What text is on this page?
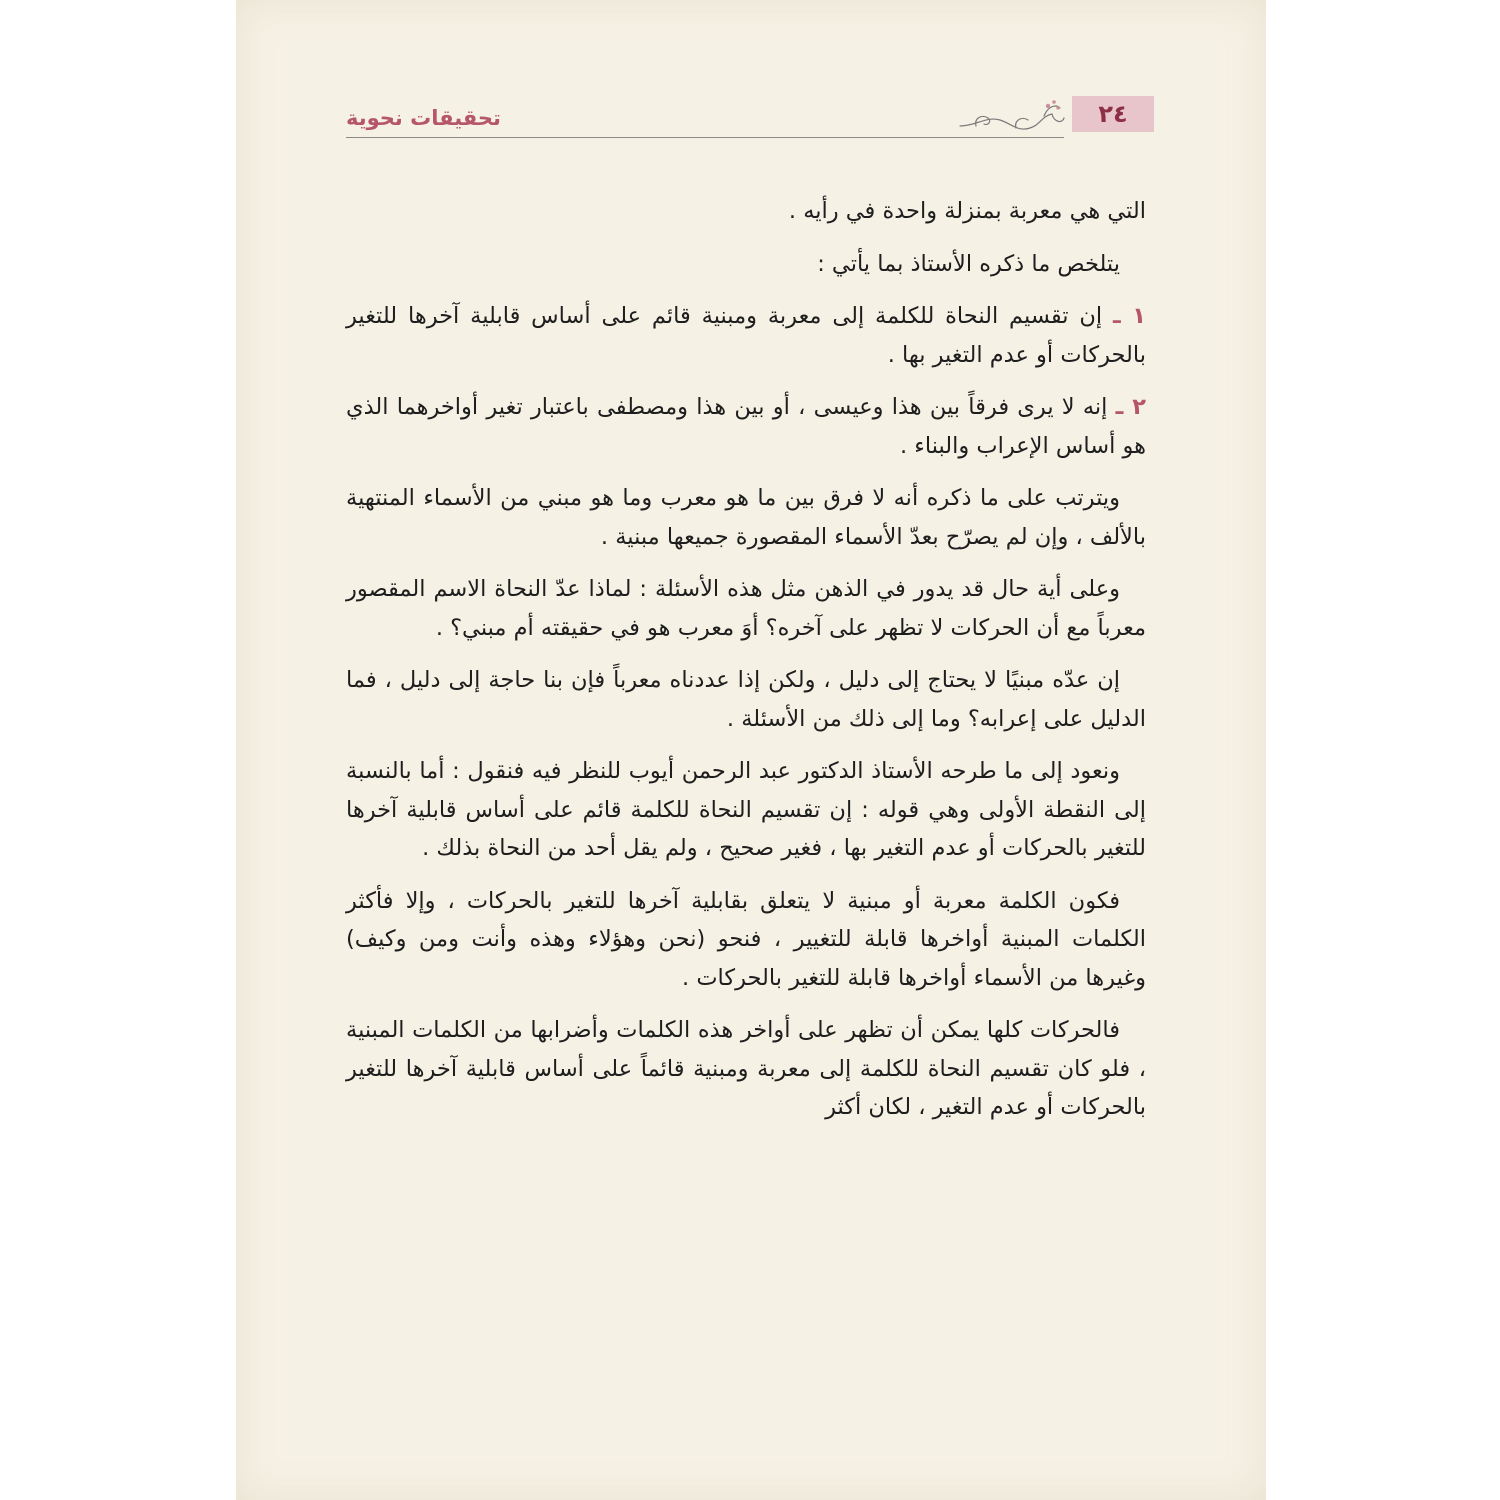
تحقيقات نحوية	٢٤

التي هي معربة بمنزلة واحدة في رأيه .

يتلخص ما ذكره الأستاذ بما يأتي :

١ ـ إن تقسيم النحاة للكلمة إلى معربة ومبنية قائم على أساس قابلية آخرها للتغير بالحركات أو عدم التغير بها .

٢ ـ إنه لا يرى فرقاً بين هذا وعيسى ، أو بين هذا ومصطفى باعتبار تغير أواخرهما الذي هو أساس الإعراب والبناء .

ويترتب على ما ذكره أنه لا فرق بين ما هو معرب وما هو مبني من الأسماء المنتهية بالألف ، وإن لم يصرّح بعدّ الأسماء المقصورة جميعها مبنية .

وعلى أية حال قد يدور في الذهن مثل هذه الأسئلة : لماذا عدّ النحاة الاسم المقصور معرباً مع أن الحركات لا تظهر على آخره؟ أوَ معرب هو في حقيقته أم مبني؟ .

إن عدّه مبنيًا لا يحتاج إلى دليل ، ولكن إذا عددناه معرباً فإن بنا حاجة إلى دليل ، فما الدليل على إعرابه؟ وما إلى ذلك من الأسئلة .

ونعود إلى ما طرحه الأستاذ الدكتور عبد الرحمن أيوب للنظر فيه فنقول : أما بالنسبة إلى النقطة الأولى وهي قوله : إن تقسيم النحاة للكلمة قائم على أساس قابلية آخرها للتغير بالحركات أو عدم التغير بها ، فغير صحيح ، ولم يقل أحد من النحاة بذلك .

فكون الكلمة معربة أو مبنية لا يتعلق بقابلية آخرها للتغير بالحركات ، وإلا فأكثر الكلمات المبنية أواخرها قابلة للتغيير ، فنحو (نحن وهؤلاء وهذه وأنت ومن وكيف) وغيرها من الأسماء أواخرها قابلة للتغير بالحركات .

فالحركات كلها يمكن أن تظهر على أواخر هذه الكلمات وأضرابها من الكلمات المبنية ، فلو كان تقسيم النحاة للكلمة إلى معربة ومبنية قائماً على أساس قابلية آخرها للتغير بالحركات أو عدم التغير ، لكان أكثر
